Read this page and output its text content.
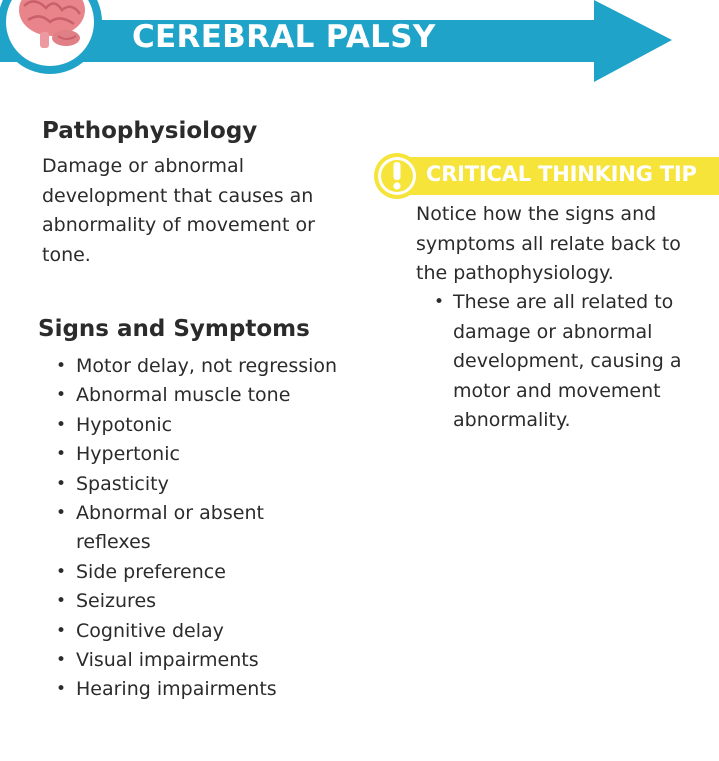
CEREBRAL PALSY
Pathophysiology

Damage or abnormal development that causes an abnormality of movement or tone.

Signs and Symptoms
• Motor delay, not regression
• Abnormal muscle tone
• Hypotonic
• Hypertonic
• Spasticity
• Abnormal or absent reflexes
• Side preference
• Seizures
• Cognitive delay
• Visual impairments
• Hearing impairments
CRITICAL THINKING TIP

Notice how the signs and symptoms all relate back to the pathophysiology.

• These are all related to damage or abnormal development, causing a motor and movement abnormality.
